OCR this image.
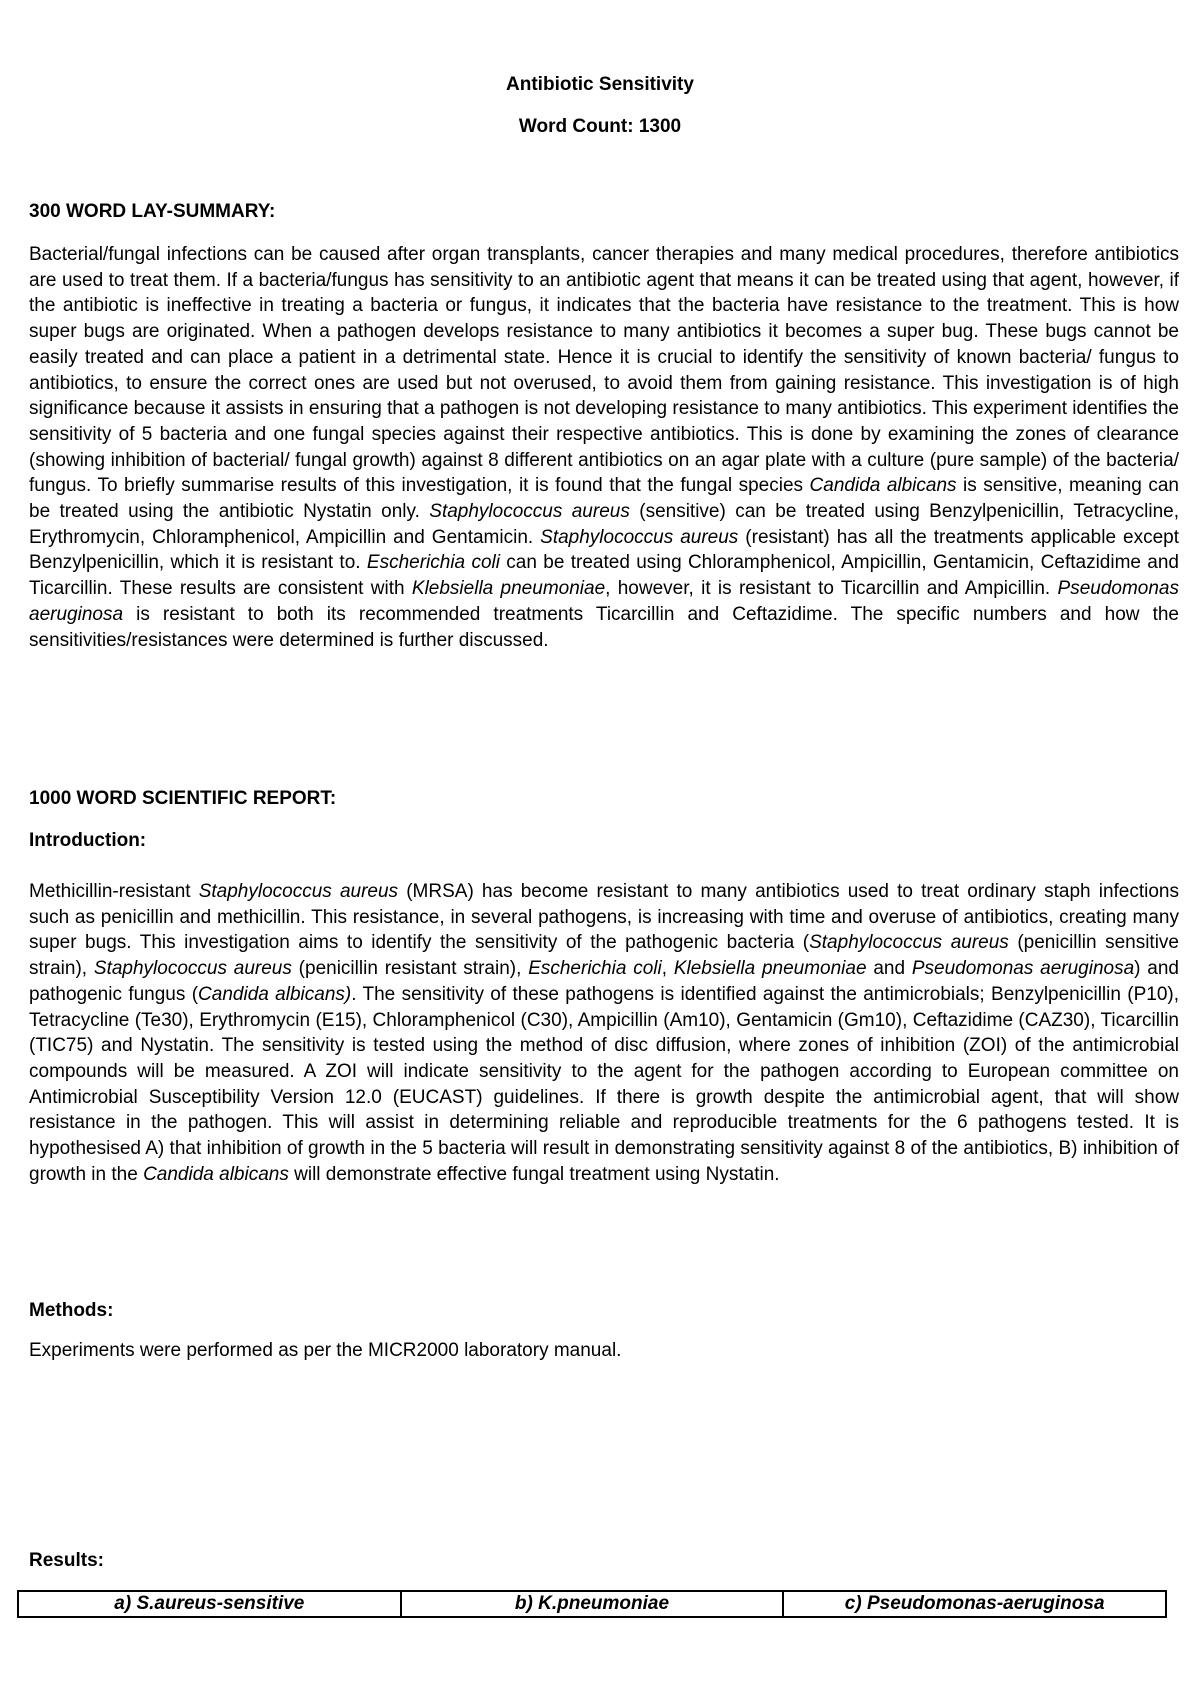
Antibiotic Sensitivity
Word Count: 1300
300 WORD LAY-SUMMARY:

Bacterial/fungal infections can be caused after organ transplants, cancer therapies and many medical procedures, therefore antibiotics are used to treat them. If a bacteria/fungus has sensitivity to an antibiotic agent that means it can be treated using that agent, however, if the antibiotic is ineffective in treating a bacteria or fungus, it indicates that the bacteria have resistance to the treatment. This is how super bugs are originated. When a pathogen develops resistance to many antibiotics it becomes a super bug. These bugs cannot be easily treated and can place a patient in a detrimental state. Hence it is crucial to identify the sensitivity of known bacteria/ fungus to antibiotics, to ensure the correct ones are used but not overused, to avoid them from gaining resistance. This investigation is of high significance because it assists in ensuring that a pathogen is not developing resistance to many antibiotics. This experiment identifies the sensitivity of 5 bacteria and one fungal species against their respective antibiotics. This is done by examining the zones of clearance (showing inhibition of bacterial/ fungal growth) against 8 different antibiotics on an agar plate with a culture (pure sample) of the bacteria/ fungus. To briefly summarise results of this investigation, it is found that the fungal species Candida albicans is sensitive, meaning can be treated using the antibiotic Nystatin only. Staphylococcus aureus (sensitive) can be treated using Benzylpenicillin, Tetracycline, Erythromycin, Chloramphenicol, Ampicillin and Gentamicin. Staphylococcus aureus (resistant) has all the treatments applicable except Benzylpenicillin, which it is resistant to. Escherichia coli can be treated using Chloramphenicol, Ampicillin, Gentamicin, Ceftazidime and Ticarcillin. These results are consistent with Klebsiella pneumoniae, however, it is resistant to Ticarcillin and Ampicillin. Pseudomonas aeruginosa is resistant to both its recommended treatments Ticarcillin and Ceftazidime. The specific numbers and how the sensitivities/resistances were determined is further discussed.

1000 WORD SCIENTIFIC REPORT:
Introduction:

Methicillin-resistant Staphylococcus aureus (MRSA) has become resistant to many antibiotics used to treat ordinary staph infections such as penicillin and methicillin. This resistance, in several pathogens, is increasing with time and overuse of antibiotics, creating many super bugs. This investigation aims to identify the sensitivity of the pathogenic bacteria (Staphylococcus aureus (penicillin sensitive strain), Staphylococcus aureus (penicillin resistant strain), Escherichia coli, Klebsiella pneumoniae and Pseudomonas aeruginosa) and pathogenic fungus (Candida albicans). The sensitivity of these pathogens is identified against the antimicrobials; Benzylpenicillin (P10), Tetracycline (Te30), Erythromycin (E15), Chloramphenicol (C30), Ampicillin (Am10), Gentamicin (Gm10), Ceftazidime (CAZ30), Ticarcillin (TIC75) and Nystatin. The sensitivity is tested using the method of disc diffusion, where zones of inhibition (ZOI) of the antimicrobial compounds will be measured. A ZOI will indicate sensitivity to the agent for the pathogen according to European committee on Antimicrobial Susceptibility Version 12.0 (EUCAST) guidelines. If there is growth despite the antimicrobial agent, that will show resistance in the pathogen. This will assist in determining reliable and reproducible treatments for the 6 pathogens tested. It is hypothesised A) that inhibition of growth in the 5 bacteria will result in demonstrating sensitivity against 8 of the antibiotics, B) inhibition of growth in the Candida albicans will demonstrate effective fungal treatment using Nystatin.

Methods:

Experiments were performed as per the MICR2000 laboratory manual.

Results:
a) S.aureus-sensitive	b) K.pneumoniae	c) Pseudomonas-aeruginosa
